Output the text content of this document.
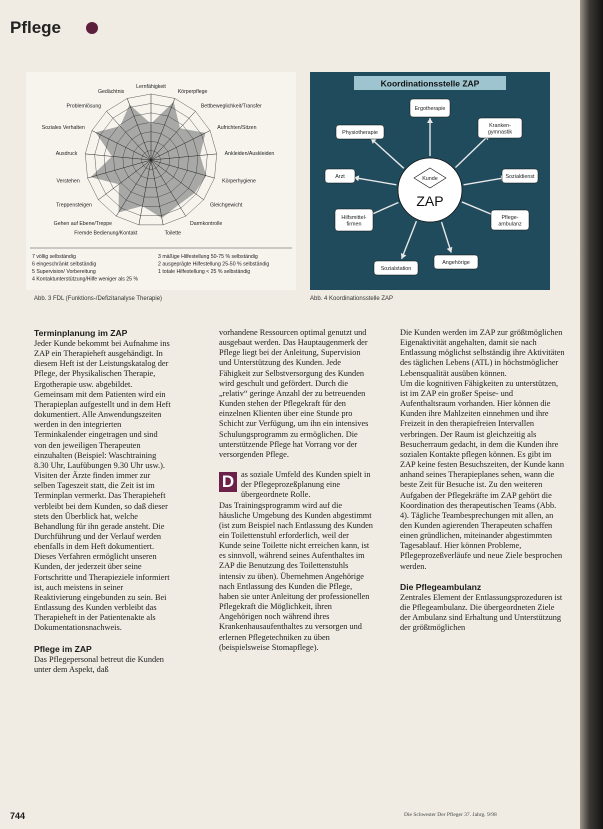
Pflege
Lernfähigkeit
Körperpflege
Bettbeweglichkeit/Transfer
Aufrichten/Sitzen
Ankleiden/Auskleiden
Körperhygiene
Gleichgewicht
Darmkontrolle
Toilette
Fremde Bedienung/Kontakt
Gehen auf Ebene/Treppe
Treppensteigen
Verstehen
Ausdruck
Soziales Verhalten
Problemlösung
Gedächtnis
7 völlig selbständig
6 eingeschränkt selbständig
5 Supervision/ Vorbereitung
4 Kontaktunterstützung/Hilfe weniger als 25 %
3 mäßige Hilfestellung 50-75 % selbständig
2 ausgeprägte Hilfestellung 25-50 % selbständig
1 totale Hilfestellung < 25 % selbständig
Abb. 3 FDL (Funktions-/Defizitanalyse Therapie)
Koordinationsstelle ZAP
Kunde
ZAP
Ergotherapie
Kranken-
gymnastik
Sozialdienst
Pflege-
ambulanz
Angehörige
Sozialstation
Hilfsmittel-
firmen
Arzt
Physiotherapie
Abb. 4 Koordinationsstelle ZAP
Terminplanung im ZAP

Jeder Kunde bekommt bei Aufnahme ins ZAP ein Therapieheft ausgehändigt. In diesem Heft ist der Leistungskatalog der Pflege, der Physikalischen Therapie, Ergotherapie usw. abgebildet. Gemeinsam mit dem Patienten wird ein Therapieplan aufgestellt und in dem Heft dokumentiert. Alle Anwendungszeiten werden in den integrierten Terminkalender eingetragen und sind von den jeweiligen Therapeuten einzuhalten (Beispiel: Waschtraining 8.30 Uhr, Laufübungen 9.30 Uhr usw.). Visiten der Ärzte finden immer zur selben Tageszeit statt, die Zeit ist im Terminplan vermerkt. Das Therapieheft verbleibt bei dem Kunden, so daß dieser stets den Überblick hat, welche Behandlung für ihn gerade ansteht. Die Durchführung und der Verlauf werden ebenfalls in dem Heft dokumentiert. Dieses Verfahren ermöglicht unseren Kunden, der jederzeit über seine Fortschritte und Therapieziele informiert ist, auch meistens in seiner Reaktivierung eingebunden zu sein. Bei Entlassung des Kunden verbleibt das Therapieheft in der Patientenakte als Dokumentationsnachweis.

Pflege im ZAP

Das Pflegepersonal betreut die Kunden unter dem Aspekt, daß

vorhandene Ressourcen optimal genutzt und ausgebaut werden. Das Hauptaugenmerk der Pflege liegt bei der Anleitung, Supervision und Unterstützung des Kunden. Jede Fähigkeit zur Selbstversorgung des Kunden wird geschult und gefördert. Durch die „relativ“ geringe Anzahl der zu betreuenden Kunden stehen der Pflegekraft für den einzelnen Klienten über eine Stunde pro Schicht zur Verfügung, um ihn ein intensives Schulungsprogramm zu ermöglichen. Die unterstützende Pflege hat Vorrang vor der versorgenden Pflege.

D as soziale Umfeld des Kunden spielt in der Pflegeprozeßplanung eine übergeordnete Rolle.

Das Trainingsprogramm wird auf die häusliche Umgebung des Kunden abgestimmt (ist zum Beispiel nach Entlassung des Kunden ein Toilettenstuhl erforderlich, weil der Kunde seine Toilette nicht erreichen kann, ist es sinnvoll, während seines Aufenthaltes im ZAP die Benutzung des Toilettenstuhls intensiv zu üben). Übernehmen Angehörige nach Entlassung des Kunden die Pflege, haben sie unter Anleitung der professionellen Pflegekraft die Möglichkeit, ihren Angehörigen noch während ihres Krankenhausaufenthaltes zu versorgen und erlernen Pflegetechniken zu üben (beispielsweise Stomapflege).

Die Kunden werden im ZAP zur größtmöglichen Eigenaktivität angehalten, damit sie nach Entlassung möglichst selbständig ihre Aktivitäten des täglichen Lebens (ATL) in höchstmöglicher Lebensqualität ausüben können.

Um die kognitiven Fähigkeiten zu unterstützen, ist im ZAP ein großer Speise- und Aufenthaltsraum vorhanden. Hier können die Kunden ihre Mahlzeiten einnehmen und ihre Freizeit in den therapiefreien Intervallen verbringen. Der Raum ist gleichzeitig als Besucherraum gedacht, in dem die Kunden ihre sozialen Kontakte pflegen können. Es gibt im ZAP keine festen Besuchszeiten, der Kunde kann anhand seines Therapieplanes sehen, wann die beste Zeit für Besuche ist. Zu den weiteren Aufgaben der Pflegekräfte im ZAP gehört die Koordination des therapeutischen Teams (Abb. 4). Tägliche Teambesprechungen mit allen, an den Kunden agierenden Therapeuten schaffen einen gründlichen, miteinander abgestimmten Tagesablauf. Hier können Probleme, Pflegeprozeßverläufe und neue Ziele besprochen werden.

Die Pflegeambulanz

Zentrales Element der Entlassungsprozeduren ist die Pflegeambulanz. Die übergeordneten Ziele der Ambulanz sind Erhaltung und Unterstützung der größtmöglichen

744	Die Schwester Der Pfleger 37. Jahrg. 9/98
